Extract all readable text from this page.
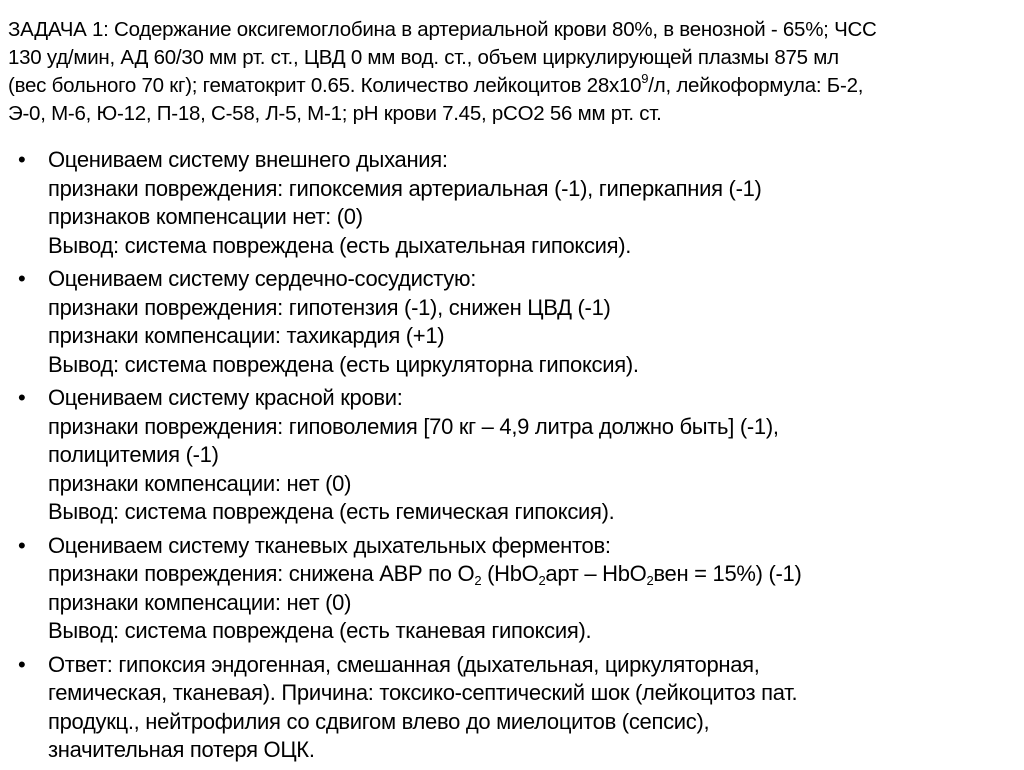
ЗАДАЧА 1: Содержание оксигемоглобина в артериальной крови 80%, в венозной - 65%; ЧСС
130 уд/мин, АД 60/30 мм рт. ст., ЦВД 0 мм вод. ст., объем циркулирующей плазмы 875 мл
(вес больного 70 кг); гематокрит 0.65. Количество лейкоцитов $28х10^9/л$, лейкоформула: Б-2,
Э-0, М-6, Ю-12, П-18, С-58, Л-5, М-1; pH крови 7.45, pCO2 56 мм рт. ст.
•	Оцениваем систему внешнего дыхания:
признаки повреждения: гипоксемия артериальная (-1), гиперкапния (-1)
признаков компенсации нет: (0)
Вывод: система повреждена (есть дыхательная гипоксия).
•	Оцениваем систему сердечно-сосудистую:
признаки повреждения: гипотензия (-1), снижен ЦВД (-1)
признаки компенсации: тахикардия (+1)
Вывод: система повреждена (есть циркуляторна гипоксия).
•	Оцениваем систему красной крови:
признаки повреждения: гиповолемия [70 кг – 4,9 литра должно быть] (-1),
полицитемия (-1)
признаки компенсации: нет (0)
Вывод: система повреждена (есть гемическая гипоксия).
•	Оцениваем систему тканевых дыхательных ферментов:
признаки повреждения: снижена АВР по $О_2$ (HbO$_2$арт – HbO$_2$вен = 15%) (-1)
признаки компенсации: нет (0)
Вывод: система повреждена (есть тканевая гипоксия).
•	Ответ: гипоксия эндогенная, смешанная (дыхательная, циркуляторная,
гемическая, тканевая). Причина: токсико-септический шок (лейкоцитоз пат.
продукц., нейтрофилия со сдвигом влево до миелоцитов (сепсис),
значительная потеря ОЦК.
